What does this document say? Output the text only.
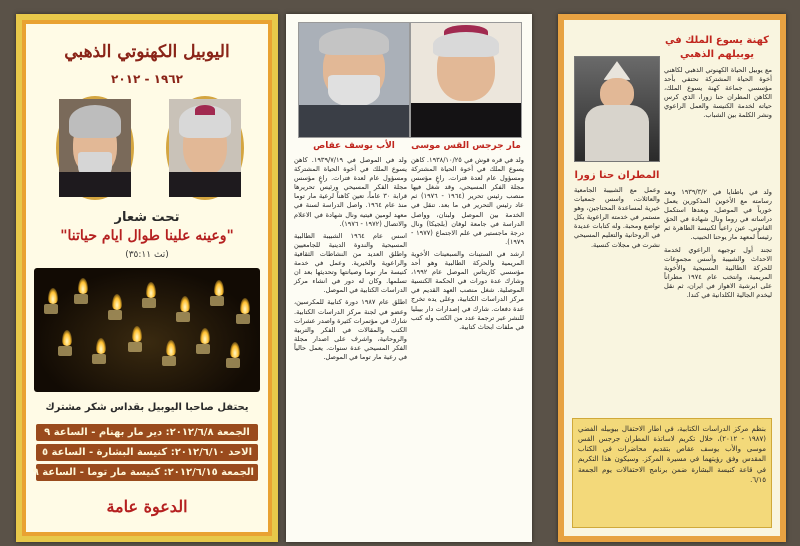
اليوبيل الكهنوتي الذهبي
١٩٦٢ - ٢٠١٢
تحت شعار
"وعينه علينا طوال ايام حياتنا"
(تث ٣٥:١١)
يحتفل صاحبا اليوبيل بقداس شكر مشترك
الجمعة ٢٠١٢/٦/٨: دير مار بهنام - الساعة ٩
الاحد ٢٠١٢/٦/١٠: كنيسة البشارة - الساعة ٥
الجمعة ٢٠١٢/٦/١٥: كنيسة مار توما - الساعة ٩
الدعوة عامة
مار جرجس القس موسى
الأب يوسف عقاص

ولد في قره قوش في ١٩٣٨/١٠/٢٥. كاهن يسوع الملك في أخوة الحياة المشتركة ومسؤول عام لعدة فترات. راعٍ مؤسس مجلة الفكر المسيحي، وقد شغل فيها منصب رئيس تحرير (١٩٦٤ - ١٩٧٦) ثم عاد رئيس التحرير في ما بعد. تنقل في الخدمة بين الموصل ولبنان، وواصل الدراسة في جامعة لوفان (بلجيكا) ونال درجة ماجستير في علم الاجتماع (١٩٧٧ - ١٩٧٩).

ارشد في الستينات والسبعينات الأخوية المريمية والحركة الطالبية وهو أحد مؤسسي كاريتاس الموصل عام ١٩٩٢، وشارك عدة دورات في الحكمة الكنسية الموصلية. شغل منصب العهد القديم في مركز الدراسات الكتابية، وعلى يده تخرج عدة دفعات. شارك في إصدارات دار بيبليا للنشر عبر ترجمة عدد من الكتب وله كتب في ملفات ابحاث كتابية.

ولد في الموصل في ١٩٣٩/٧/١٩. كاهن يسوع الملك في أخوة الحياة المشتركة ومسؤول عام لعدة فترات. راعٍ مؤسس مجلة الفكر المسيحي ورئيس تحريرها قرابة ٣٠ عاماً، تعين كاهناً لرعية مار توما منذ عام ١٩٦٤. واصل الدراسة لسنة في معهد لومين فيتيه ونال شهادة في الاعلام والاتصال (١٩٧٢ - ١٩٧٦).

اسس عام ١٩٦٤ الشبيبة الطالبية المسيحية والندوة الدينية للجامعيين واطلق العديد من النشاطات الثقافية والراعوية والخيرية. وعمل في خدمة كنيسة مار توما وصيانتها وتحديثها بعد ان تسلمها. وكان له دور في انشاء مركز الدراسات الكتابية في الموصل.

اطلق عام ١٩٨٧ دورة كتابية للمكرسين، وعضو في لجنة مركز الدراسات الكتابية. شارك في مؤتمرات كثيرة واصدر عشرات الكتب والمقالات في الفكر والتربية والروحانية، واشرف على اصدار مجلة الفكر المسيحي عدة سنوات. يعمل حالياً في رعية مار توما في الموصل.

كهنة يسوع الملك في يوبيلهم الذهبي
المطران حنا زورا
مع يوبيل الحياة الكهنوتي الذهبي لكاهني أخوة الحياة المشتركة نحتفي بأحد مؤسسي جماعة كهنة يسوع الملك، الكاهن المطران حنا زورا، الذي كرس حياته لخدمة الكنيسة والعمل الراعوي ونشر الكلمة بين الشباب.

ولد في باطنايا في ١٩٣٩/٣/٢ وبعد رسامته مع الأخوين المذكورين يعمل خورياً في الموصل، وبعدها استكمل دراساته في روما ونال شهادة في الحق القانوني. عين راعياً لكنيسة الطاهرة ثم رئيساً لمعهد مار يوحنا الحبيب.

تجند أول توجيهه الراعوي لخدمة الاحداث والشبيبة وأسس مجموعات للحركة الطالبية المسيحية والأخوية المريمية، وانتخب عام ١٩٧٤ مطراناً على ابرشية الاهواز في ايران، ثم نقل ليخدم الجالية الكلدانية في كندا.

وعمل مع الشبيبة الجامعية والعائلات، واسس جمعيات خيرية لمساعدة المحتاجين، وهو مستمر في خدمته الراعوية بكل تواضع ومحبة. وله كتابات عديدة في الروحانية والتعليم المسيحي نشرت في مجلات كنسية.
بنظم مركز الدراسات الكتابية، في اطار الاحتفال بيوبيله الفضي (١٩٨٧ - ٢٠١٢)، خلال تكريم لاساتذة المطران جرجس القس موسى والأب يوسف عقاص بتقديم محاضرات في الكتاب المقدس وفق رؤيتهما في مسيرة المركز. وسيكون هذا التكريم في قاعة كنيسة البشارة ضمن برنامج الاحتفالات يوم الجمعة ٦/١٥.
